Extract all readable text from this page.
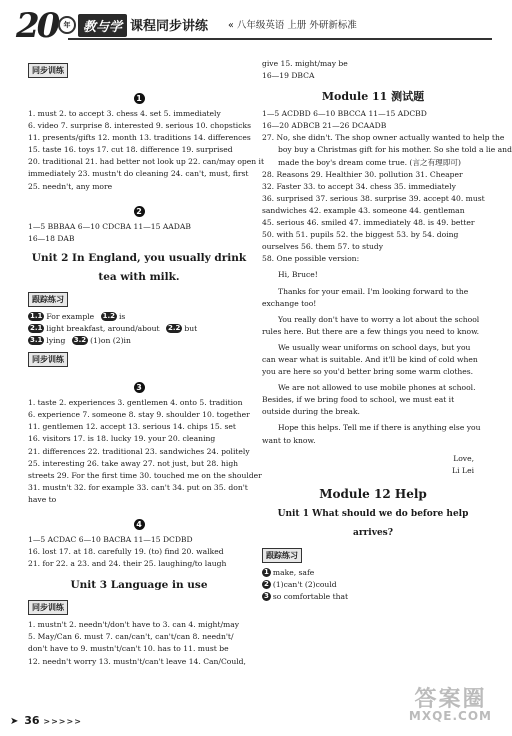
20 年 教与学 课程同步讲练 « 八年级英语 上册 外研新标准
同步训练
1

1. must 2. to accept 3. chess 4. set 5. immediately

6. video 7. surprise 8. interested 9. serious 10. chopsticks

11. presents/gifts 12. month 13. traditions 14. differences

15. taste 16. toys 17. cut 18. difference 19. surprised

20. traditional 21. had better not look up 22. can/may open it

immediately 23. mustn't do cleaning 24. can't, must, first

25. needn't, any more

2

1—5 BBBAA 6—10 CDCBA 11—15 AADAB

16—18 DAB

Unit 2 In England, you usually drink
tea with milk.
跟踪练习

1.1 For example 1.2 is

2.1 light breakfast, around/about 2.2 but

3.1 lying 3.2 (1)on (2)in

同步训练
3

1. taste 2. experiences 3. gentlemen 4. onto 5. tradition

6. experience 7. someone 8. stay 9. shoulder 10. together

11. gentlemen 12. accept 13. serious 14. chips 15. set

16. visitors 17. is 18. lucky 19. your 20. cleaning

21. differences 22. traditional 23. sandwiches 24. politely

25. interesting 26. take away 27. not just, but 28. high

streets 29. For the first time 30. touched me on the shoulder

31. mustn't 32. for example 33. can't 34. put on 35. don't

have to

4

1—5 ACDAC 6—10 BACBA 11—15 DCDBD

16. lost 17. at 18. carefully 19. (to) find 20. walked

21. for 22. a 23. and 24. their 25. laughing/to laugh

Unit 3 Language in use
同步训练

1. mustn't 2. needn't/don't have to 3. can 4. might/may

5. May/Can 6. must 7. can/can't, can't/can 8. needn't/

don't have to 9. mustn't/can't 10. has to 11. must be

12. needn't worry 13. mustn't/can't leave 14. Can/Could,

give 15. might/may be

16—19 DBCA

Module 11 测试题

1—5 ACDBD 6—10 BBCCA 11—15 ADCBD

16—20 ADBCB 21—26 DCAADB

27. No, she didn't. The shop owner actually wanted to help the

boy buy a Christmas gift for his mother. So she told a lie and

made the boy's dream come true. (言之有理即可)

28. Reasons 29. Healthier 30. pollution 31. Cheaper

32. Faster 33. to accept 34. chess 35. immediately

36. surprised 37. serious 38. surprise 39. accept 40. must

sandwiches 42. example 43. someone 44. gentleman

45. serious 46. smiled 47. immediately 48. is 49. better

50. with 51. pupils 52. the biggest 53. by 54. doing

ourselves 56. them 57. to study

58. One possible version:

Hi, Bruce!

Thanks for your email. I'm looking forward to the exchange too!

You really don't have to worry a lot about the school rules here. But there are a few things you need to know.

We usually wear uniforms on school days, but you can wear what is suitable. And it'll be kind of cold when you are here so you'd better bring some warm clothes.

We are not allowed to use mobile phones at school. Besides, if we bring food to school, we must eat it outside during the break.

Hope this helps. Tell me if there is anything else you want to know.

Love,

Li Lei

Module 12 Help
Unit 1 What should we do before help arrives?
跟踪练习

1 make, safe

2 (1)can't (2)could

3 so comfortable that

➤ 36 >>>>>
答案圈
MXQE.COM
